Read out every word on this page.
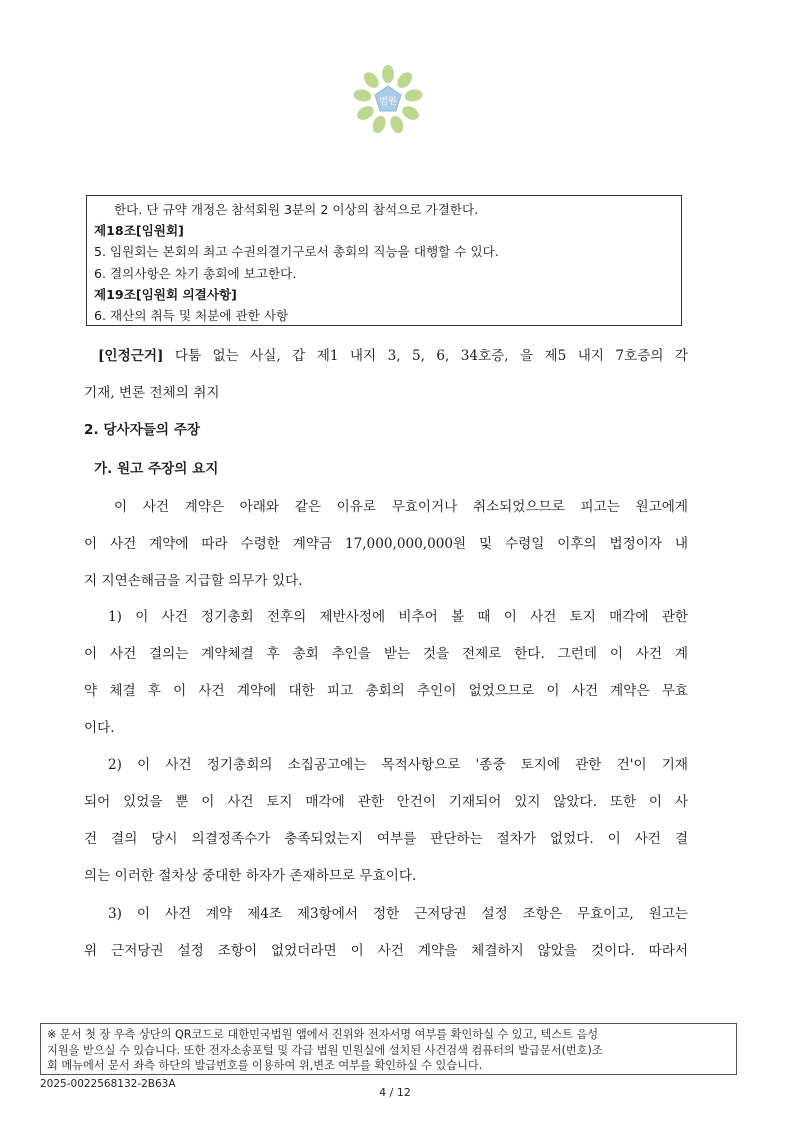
법원
한다. 단 규약 개정은 참석회원 3분의 2 이상의 참석으로 가결한다.
제18조[임원회]
5. 임원회는 본회의 최고 수권의결기구로서 총회의 직능을 대행할 수 있다.
6. 결의사항은 차기 총회에 보고한다.
제19조[임원회 의결사항]
6. 재산의 취득 및 처분에 관한 사항
[인정근거] 다툼 없는 사실, 갑 제1 내지 3, 5, 6, 34호증, 을 제5 내지 7호증의 각
기재, 변론 전체의 취지
2. 당사자들의 주장
가. 원고 주장의 요지
이 사건 계약은 아래와 같은 이유로 무효이거나 취소되었으므로 피고는 원고에게
이 사건 계약에 따라 수령한 계약금 17,000,000,000원 및 수령일 이후의 법정이자 내
지 지연손해금을 지급할 의무가 있다.
1) 이 사건 정기총회 전후의 제반사정에 비추어 볼 때 이 사건 토지 매각에 관한
이 사건 결의는 계약체결 후 총회 추인을 받는 것을 전제로 한다. 그런데 이 사건 계
약 체결 후 이 사건 계약에 대한 피고 총회의 추인이 없었으므로 이 사건 계약은 무효
이다.
2) 이 사건 정기총회의 소집공고에는 목적사항으로 '종중 토지에 관한 건'이 기재
되어 있었을 뿐 이 사건 토지 매각에 관한 안건이 기재되어 있지 않았다. 또한 이 사
건 결의 당시 의결정족수가 충족되었는지 여부를 판단하는 절차가 없었다. 이 사건 결
의는 이러한 절차상 중대한 하자가 존재하므로 무효이다.
3) 이 사건 계약 제4조 제3항에서 정한 근저당권 설정 조항은 무효이고, 원고는
위 근저당권 설정 조항이 없었더라면 이 사건 계약을 체결하지 않았을 것이다. 따라서
※ 문서 첫 장 우측 상단의 QR코드로 대한민국법원 앱에서 진위와 전자서명 여부를 확인하실 수 있고, 텍스트 음성
지원을 받으실 수 있습니다. 또한 전자소송포털 및 각급 법원 민원실에 설치된 사건검색 컴퓨터의 발급문서(번호)조
회 메뉴에서 문서 좌측 하단의 발급번호를 이용하여 위,변조 여부를 확인하실 수 있습니다.
2025-0022568132-2B63A
4 / 12
